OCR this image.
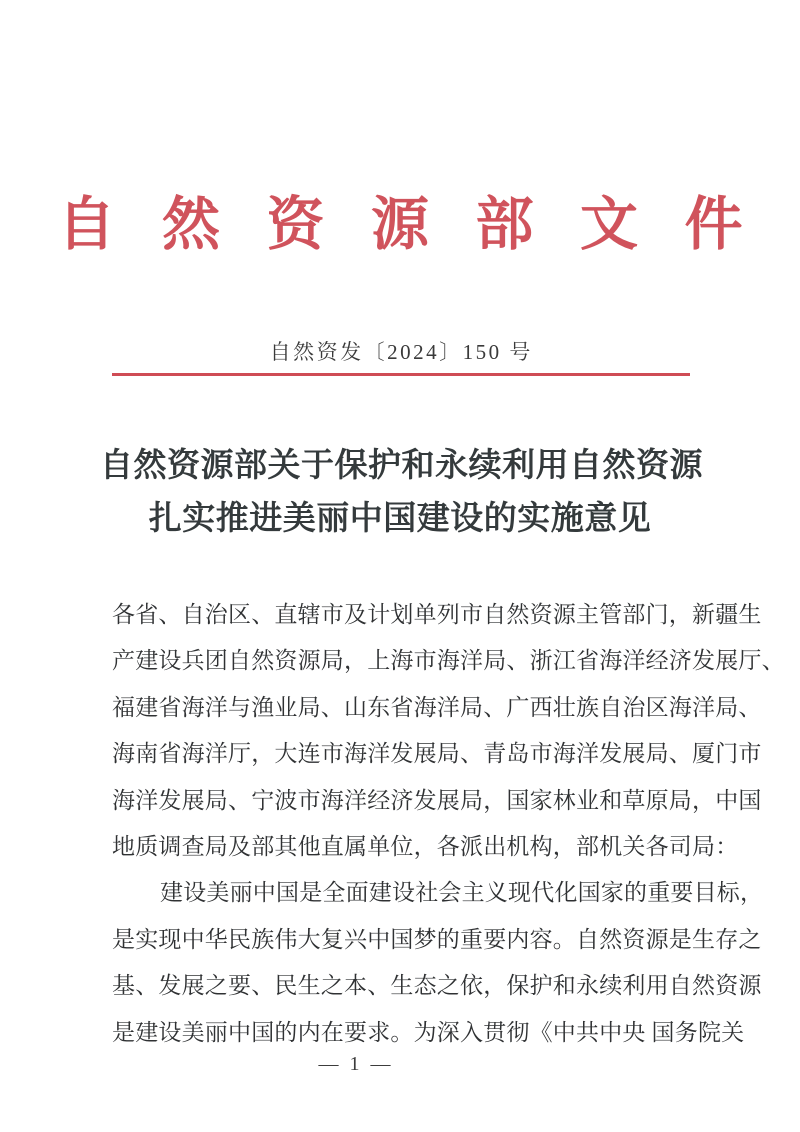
自 然 资 源 部 文 件
自然资发〔2024〕150 号
自然资源部关于保护和永续利用自然资源
扎实推进美丽中国建设的实施意见
各省、自治区、直辖市及计划单列市自然资源主管部门，新疆生
产建设兵团自然资源局，上海市海洋局、浙江省海洋经济发展厅、
福建省海洋与渔业局、山东省海洋局、广西壮族自治区海洋局、
海南省海洋厅，大连市海洋发展局、青岛市海洋发展局、厦门市
海洋发展局、宁波市海洋经济发展局，国家林业和草原局，中国
地质调查局及部其他直属单位，各派出机构，部机关各司局：
建设美丽中国是全面建设社会主义现代化国家的重要目标，
是实现中华民族伟大复兴中国梦的重要内容。自然资源是生存之
基、发展之要、民生之本、生态之依，保护和永续利用自然资源
是建设美丽中国的内在要求。为深入贯彻《中共中央 国务院关
— 1 —
